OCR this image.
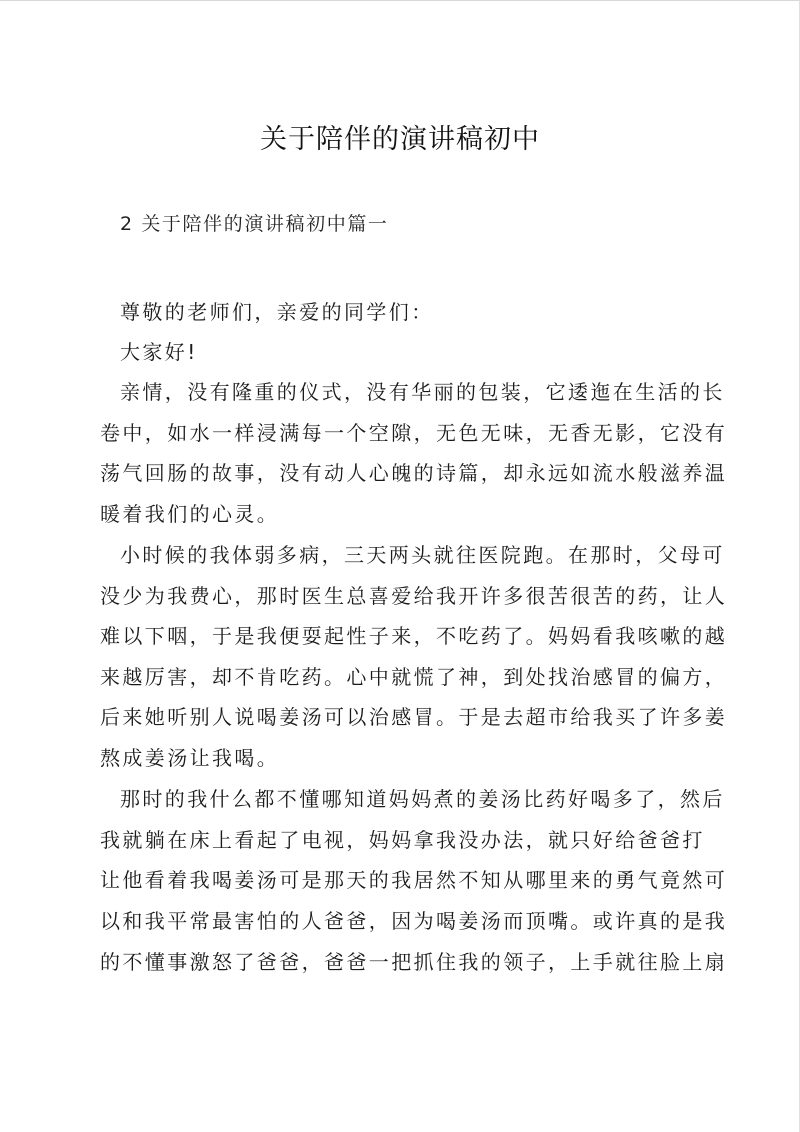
关于陪伴的演讲稿初中
2 关于陪伴的演讲稿初中篇一
尊敬的老师们，亲爱的同学们：
大家好!
亲情，没有隆重的仪式，没有华丽的包装，它逶迤在生活的长
卷中，如水一样浸满每一个空隙，无色无味，无香无影，它没有
荡气回肠的故事，没有动人心魄的诗篇，却永远如流水般滋养温
暖着我们的心灵。
小时候的我体弱多病，三天两头就往医院跑。在那时，父母可
没少为我费心，那时医生总喜爱给我开许多很苦很苦的药，让人
难以下咽，于是我便耍起性子来，不吃药了。妈妈看我咳嗽的越
来越厉害，却不肯吃药。心中就慌了神，到处找治感冒的偏方，
后来她听别人说喝姜汤可以治感冒。于是去超市给我买了许多姜
熬成姜汤让我喝。
那时的我什么都不懂哪知道妈妈煮的姜汤比药好喝多了，然后
我就躺在床上看起了电视，妈妈拿我没办法，就只好给爸爸打
让他看着我喝姜汤可是那天的我居然不知从哪里来的勇气竟然可
以和我平常最害怕的人爸爸，因为喝姜汤而顶嘴。或许真的是我
的不懂事激怒了爸爸，爸爸一把抓住我的领子，上手就往脸上扇
